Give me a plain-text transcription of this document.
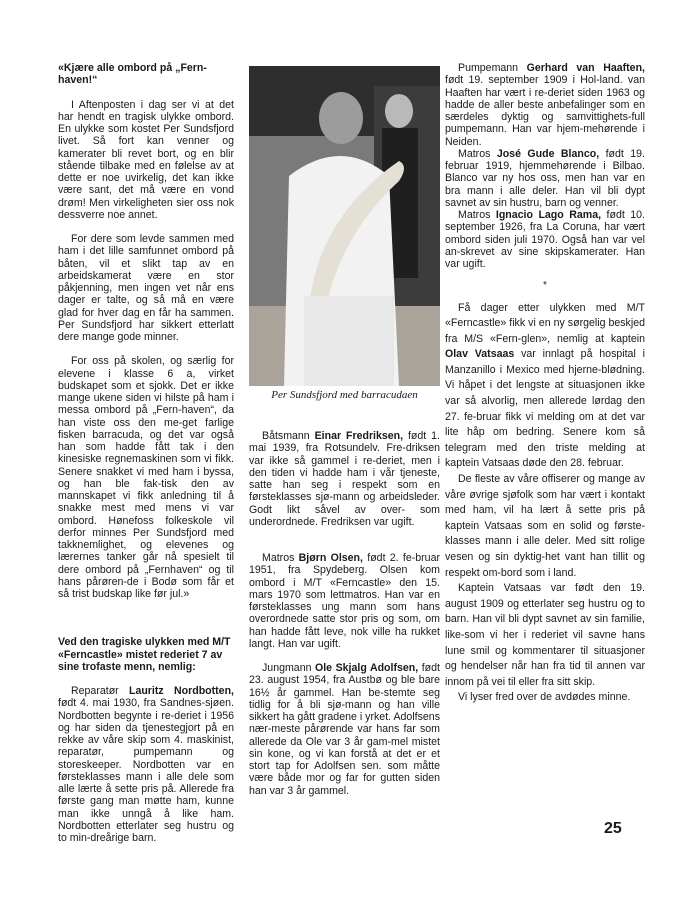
«Kjære alle ombord på „Fern-haven!“

I Aftenposten i dag ser vi at det har hendt en tragisk ulykke ombord. En ulykke som kostet Per Sundsfjord livet. Så fort kan venner og kamerater bli revet bort, og en blir stående tilbake med en følelse av at dette er noe uvirkelig, det kan ikke være sant, det må være en vond drøm! Men virkeligheten sier oss nok dessverre noe annet.

For dere som levde sammen med ham i det lille samfunnet ombord på båten, vil et slikt tap av en arbeidskamerat være en stor påkjenning, men ingen vet når ens dager er talte, og så må en være glad for hver dag en får ha sammen. Per Sundsfjord har sikkert etterlatt dere mange gode minner.

For oss på skolen, og særlig for elevene i klasse 6 a, virket budskapet som et sjokk. Det er ikke mange ukene siden vi hilste på ham i messa ombord på „Fern-haven“, da han viste oss den me-get farlige fisken barracuda, og det var også han som hadde fått tak i den kinesiske regnemaskinen som vi fikk. Senere snakket vi med ham i byssa, og han ble fak-tisk den av mannskapet vi fikk anledning til å snakke mest med mens vi var ombord. Hønefoss folkeskole vil derfor minnes Per Sundsfjord med takknemlighet, og elevenes og lærernes tanker går nå spesielt til dere ombord på „Fernhaven“ og til hans pårøren-de i Bodø som får et så trist budskap like før jul.»

Ved den tragiske ulykken med M/T «Ferncastle» mistet rederiet 7 av sine trofaste menn, nemlig:

Reparatør Lauritz Nordbotten, født 4. mai 1930, fra Sandnes-sjøen. Nordbotten begynte i re-deriet i 1956 og har siden da tjenestegjort på en rekke av våre skip som 4. maskinist, reparatør, pumpemann og storeskeeper. Nordbotten var en førsteklasses mann i alle dele som alle lærte å sette pris på. Allerede fra første gang man møtte ham, kunne man ikke unngå å like ham. Nordbotten etterlater seg hustru og to min-dreårige barn.

Per Sundsfjord med barracudaen

Båtsmann Einar Fredriksen, født 1. mai 1939, fra Rotsundelv. Fre-driksen var ikke så gammel i re-deriet, men i den tiden vi hadde ham i vår tjeneste, satte han seg i respekt som en førsteklasses sjø-mann og arbeidsleder. Godt likt såvel av over- som underordnede. Fredriksen var ugift.

Matros Bjørn Olsen, født 2. fe-bruar 1951, fra Spydeberg. Olsen kom ombord i M/T «Ferncastle» den 15. mars 1970 som lettmatros. Han var en førsteklasses ung mann som hans overordnede satte stor pris og som, om han hadde fått leve, nok ville ha rukket langt. Han var ugift.

Jungmann Ole Skjalg Adolfsen, født 23. august 1954, fra Austbø og ble bare 16½ år gammel. Han be-stemte seg tidlig for å bli sjø-mann og han ville sikkert ha gått gradene i yrket. Adolfsens nær-meste pårørende var hans far som allerede da Ole var 3 år gam-mel mistet sin kone, og vi kan forstå at det er et stort tap for Adolfsen sen. som måtte være både mor og far for gutten siden han var 3 år gammel.

Pumpemann Gerhard van Haaften, født 19. september 1909 i Hol-land. van Haaften har vært i re-deriet siden 1963 og hadde de aller beste anbefalinger som en særdeles dyktig og samvittighets-full pumpemann. Han var hjem-mehørende i Neiden.

Matros José Gude Blanco, født 19. februar 1919, hjemmehørende i Bilbao. Blanco var ny hos oss, men han var en bra mann i alle deler. Han vil bli dypt savnet av sin hustru, barn og venner.

Matros Ignacio Lago Rama, født 10. september 1926, fra La Coruna, har vært ombord siden juli 1970. Også han var vel an-skrevet av sine skipskamerater. Han var ugift.

*

Få dager etter ulykken med M/T «Ferncastle» fikk vi en ny sørgelig beskjed fra M/S «Fern-glen», nemlig at kaptein Olav Vatsaas var innlagt på hospital i Manzanillo i Mexico med hjerne-blødning. Vi håpet i det lengste at situasjonen ikke var så alvorlig, men allerede lørdag den 27. fe-bruar fikk vi melding om at det var lite håp om bedring. Senere kom så telegram med den triste melding at kaptein Vatsaas døde den 28. februar.

De fleste av våre offiserer og mange av våre øvrige sjøfolk som har vært i kontakt med ham, vil ha lært å sette pris på kaptein Vatsaas som en solid og første-klasses mann i alle deler. Med sitt rolige vesen og sin dyktig-het vant han tillit og respekt om-bord som i land.

Kaptein Vatsaas var født den 19. august 1909 og etterlater seg hustru og to barn. Han vil bli dypt savnet av sin familie, like-som vi her i rederiet vil savne hans lune smil og kommentarer til situasjoner og hendelser når han fra tid til annen var innom på vei til eller fra sitt skip.

Vi lyser fred over de avdødes minne.

25
